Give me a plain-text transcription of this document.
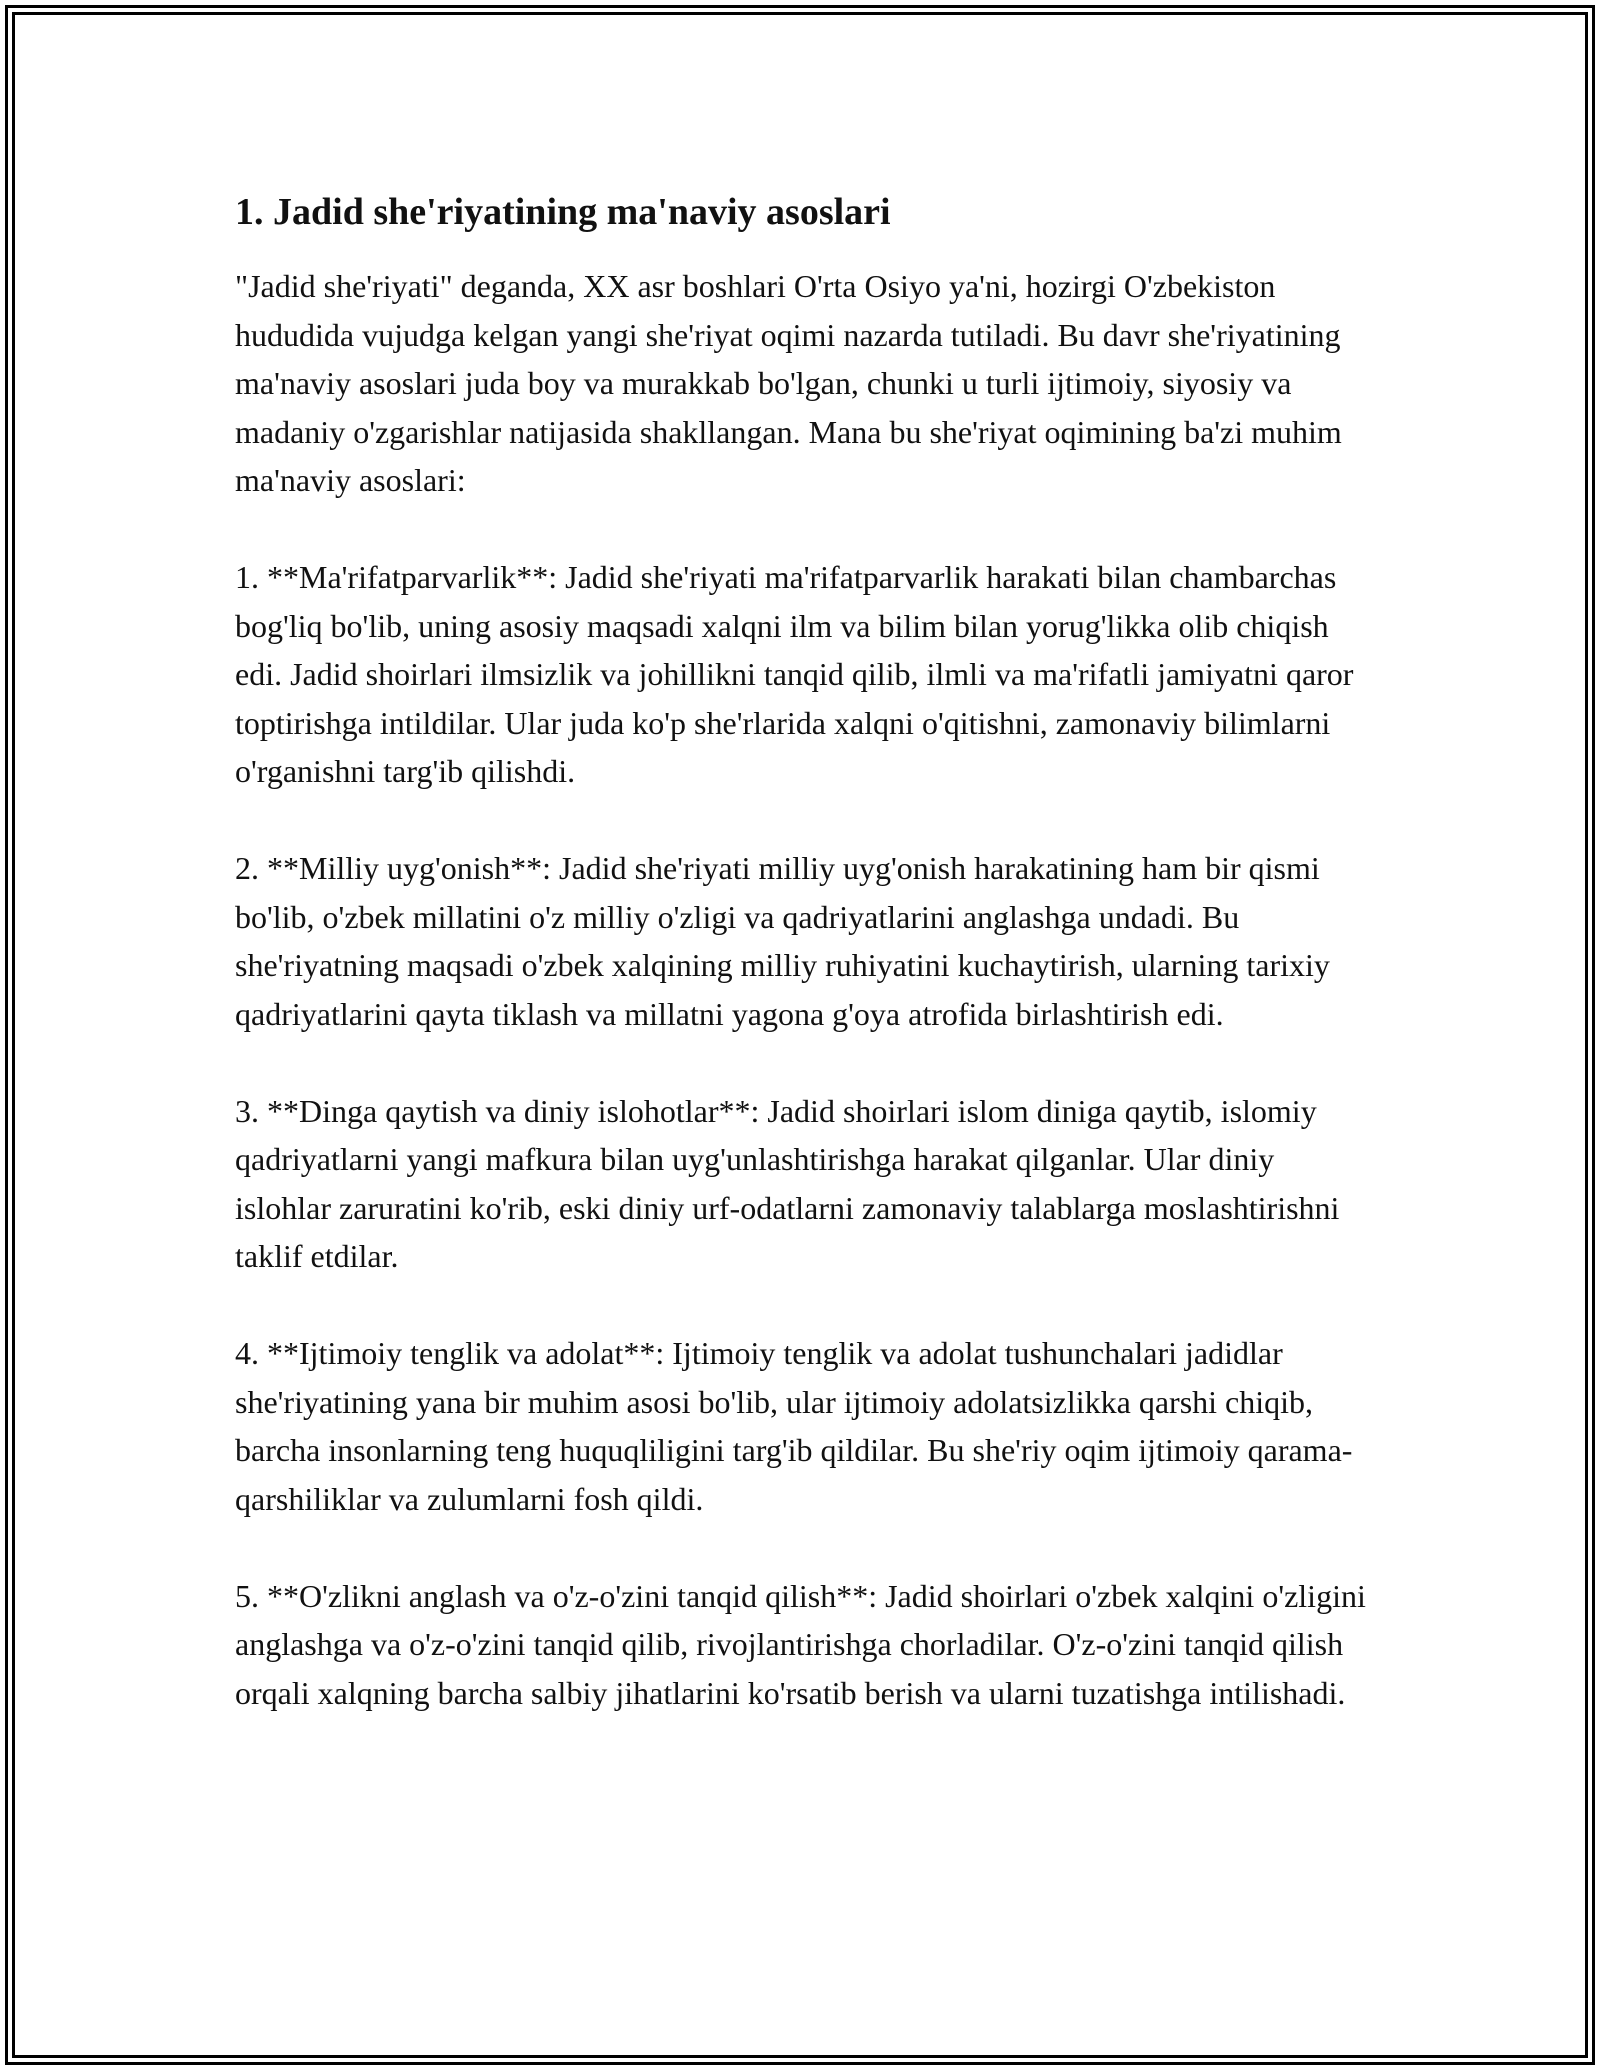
1. Jadid she'riyatining ma'naviy asoslari

"Jadid she'riyati" deganda, XX asr boshlari O'rta Osiyo ya'ni, hozirgi O'zbekiston hududida vujudga kelgan yangi she'riyat oqimi nazarda tutiladi. Bu davr she'riyatining ma'naviy asoslari juda boy va murakkab bo'lgan, chunki u turli ijtimoiy, siyosiy va madaniy o'zgarishlar natijasida shakllangan. Mana bu she'riyat oqimining ba'zi muhim ma'naviy asoslari:

1. **Ma'rifatparvarlik**: Jadid she'riyati ma'rifatparvarlik harakati bilan chambarchas bog'liq bo'lib, uning asosiy maqsadi xalqni ilm va bilim bilan yorug'likka olib chiqish edi. Jadid shoirlari ilmsizlik va johillikni tanqid qilib, ilmli va ma'rifatli jamiyatni qaror toptirishga intildilar. Ular juda ko'p she'rlarida xalqni o'qitishni, zamonaviy bilimlarni o'rganishni targ'ib qilishdi.

2. **Milliy uyg'onish**: Jadid she'riyati milliy uyg'onish harakatining ham bir qismi bo'lib, o'zbek millatini o'z milliy o'zligi va qadriyatlarini anglashga undadi. Bu she'riyatning maqsadi o'zbek xalqining milliy ruhiyatini kuchaytirish, ularning tarixiy qadriyatlarini qayta tiklash va millatni yagona g'oya atrofida birlashtirish edi.

3. **Dinga qaytish va diniy islohotlar**: Jadid shoirlari islom diniga qaytib, islomiy qadriyatlarni yangi mafkura bilan uyg'unlashtirishga harakat qilganlar. Ular diniy islohlar zaruratini ko'rib, eski diniy urf-odatlarni zamonaviy talablarga moslashtirishni taklif etdilar.

4. **Ijtimoiy tenglik va adolat**: Ijtimoiy tenglik va adolat tushunchalari jadidlar she'riyatining yana bir muhim asosi bo'lib, ular ijtimoiy adolatsizlikka qarshi chiqib, barcha insonlarning teng huquqliligini targ'ib qildilar. Bu she'riy oqim ijtimoiy qarama-qarshiliklar va zulumlarni fosh qildi.

5. **O'zlikni anglash va o'z-o'zini tanqid qilish**: Jadid shoirlari o'zbek xalqini o'zligini anglashga va o'z-o'zini tanqid qilib, rivojlantirishga chorladilar. O'z-o'zini tanqid qilish orqali xalqning barcha salbiy jihatlarini ko'rsatib berish va ularni tuzatishga intilishadi.
